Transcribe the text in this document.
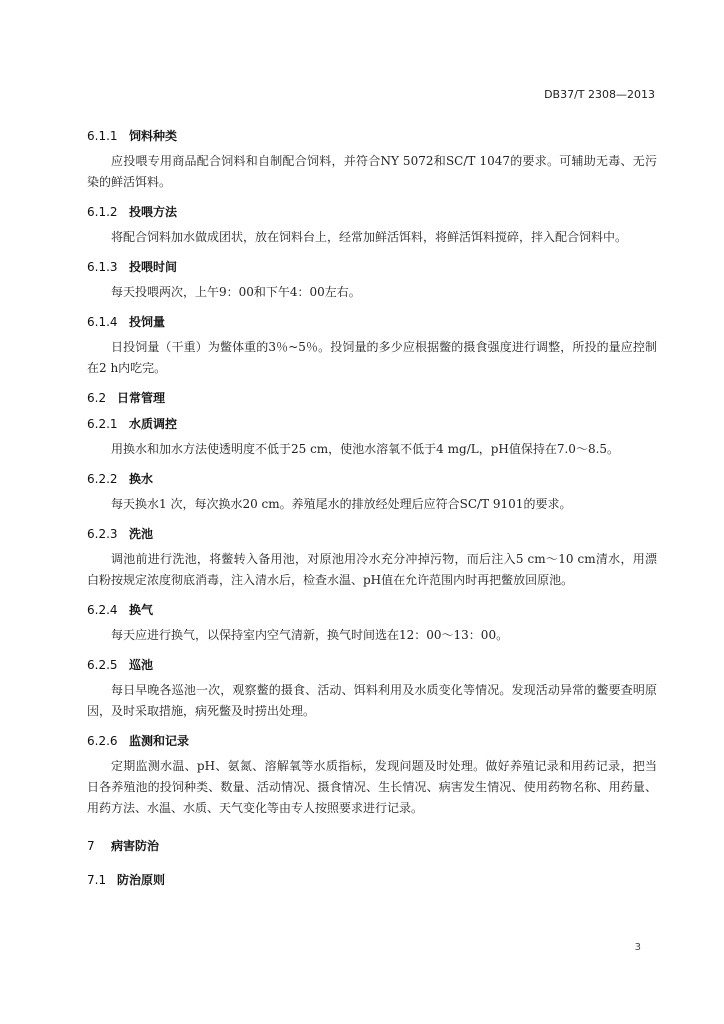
DB37/T 2308—2013
6.1.1 饲料种类

应投喂专用商品配合饲料和自制配合饲料，并符合NY 5072和SC/T 1047的要求。可辅助无毒、无污染的鲜活饵料。

6.1.2 投喂方法

将配合饲料加水做成团状，放在饲料台上，经常加鲜活饵料，将鲜活饵料搅碎，拌入配合饲料中。

6.1.3 投喂时间

每天投喂两次，上午9：00和下午4：00左右。

6.1.4 投饲量

日投饲量（干重）为鳖体重的3％~5％。投饲量的多少应根据鳖的摄食强度进行调整，所投的量应控制在2 h内吃完。

6.2 日常管理
6.2.1 水质调控

用换水和加水方法使透明度不低于25 cm，使池水溶氧不低于4 mg/L，pH值保持在7.0～8.5。

6.2.2 换水

每天换水1 次，每次换水20 cm。养殖尾水的排放经处理后应符合SC/T 9101的要求。

6.2.3 洗池

调池前进行洗池，将鳖转入备用池，对原池用冷水充分冲掉污物，而后注入5 cm～10 cm清水，用漂白粉按规定浓度彻底消毒，注入清水后，检查水温、pH值在允许范围内时再把鳖放回原池。

6.2.4 换气

每天应进行换气，以保持室内空气清新，换气时间选在12：00～13：00。

6.2.5 巡池

每日早晚各巡池一次，观察鳖的摄食、活动、饵料利用及水质变化等情况。发现活动异常的鳖要查明原因，及时采取措施，病死鳖及时捞出处理。

6.2.6 监测和记录

定期监测水温、pH、氨氮、溶解氧等水质指标，发现问题及时处理。做好养殖记录和用药记录，把当日各养殖池的投饲种类、数量、活动情况、摄食情况、生长情况、病害发生情况、使用药物名称、用药量、用药方法、水温、水质、天气变化等由专人按照要求进行记录。

7 病害防治
7.1 防治原则
3
